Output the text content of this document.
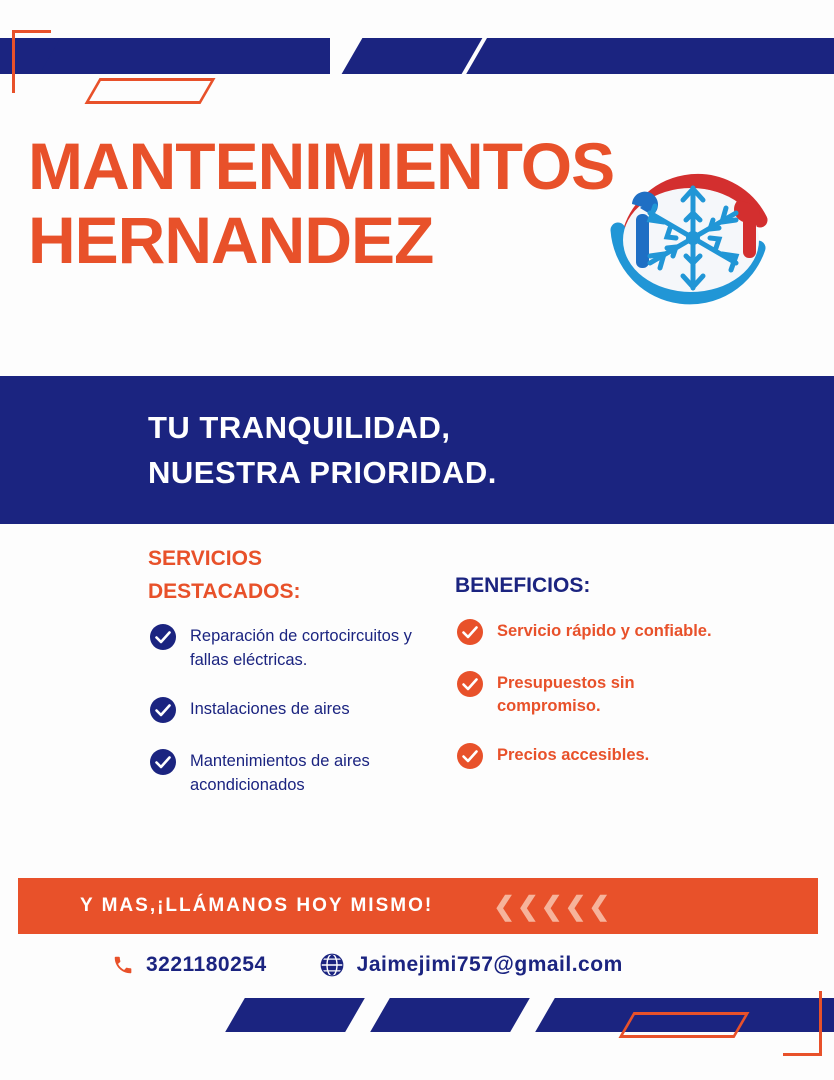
MANTENIMIENTOS
HERNANDEZ
TU TRANQUILIDAD,
NUESTRA PRIORIDAD.
SERVICIOS
DESTACADOS:
Reparación de cortocircuitos y fallas eléctricas.
Instalaciones de aires
Mantenimientos de aires acondicionados
BENEFICIOS:
Servicio rápido y confiable.
Presupuestos sin compromiso.
Precios accesibles.
Y MAS,¡LLÁMANOS HOY MISMO! ❮ ❮ ❮ ❮ ❮
3221180254	Jaimejimi757@gmail.com
